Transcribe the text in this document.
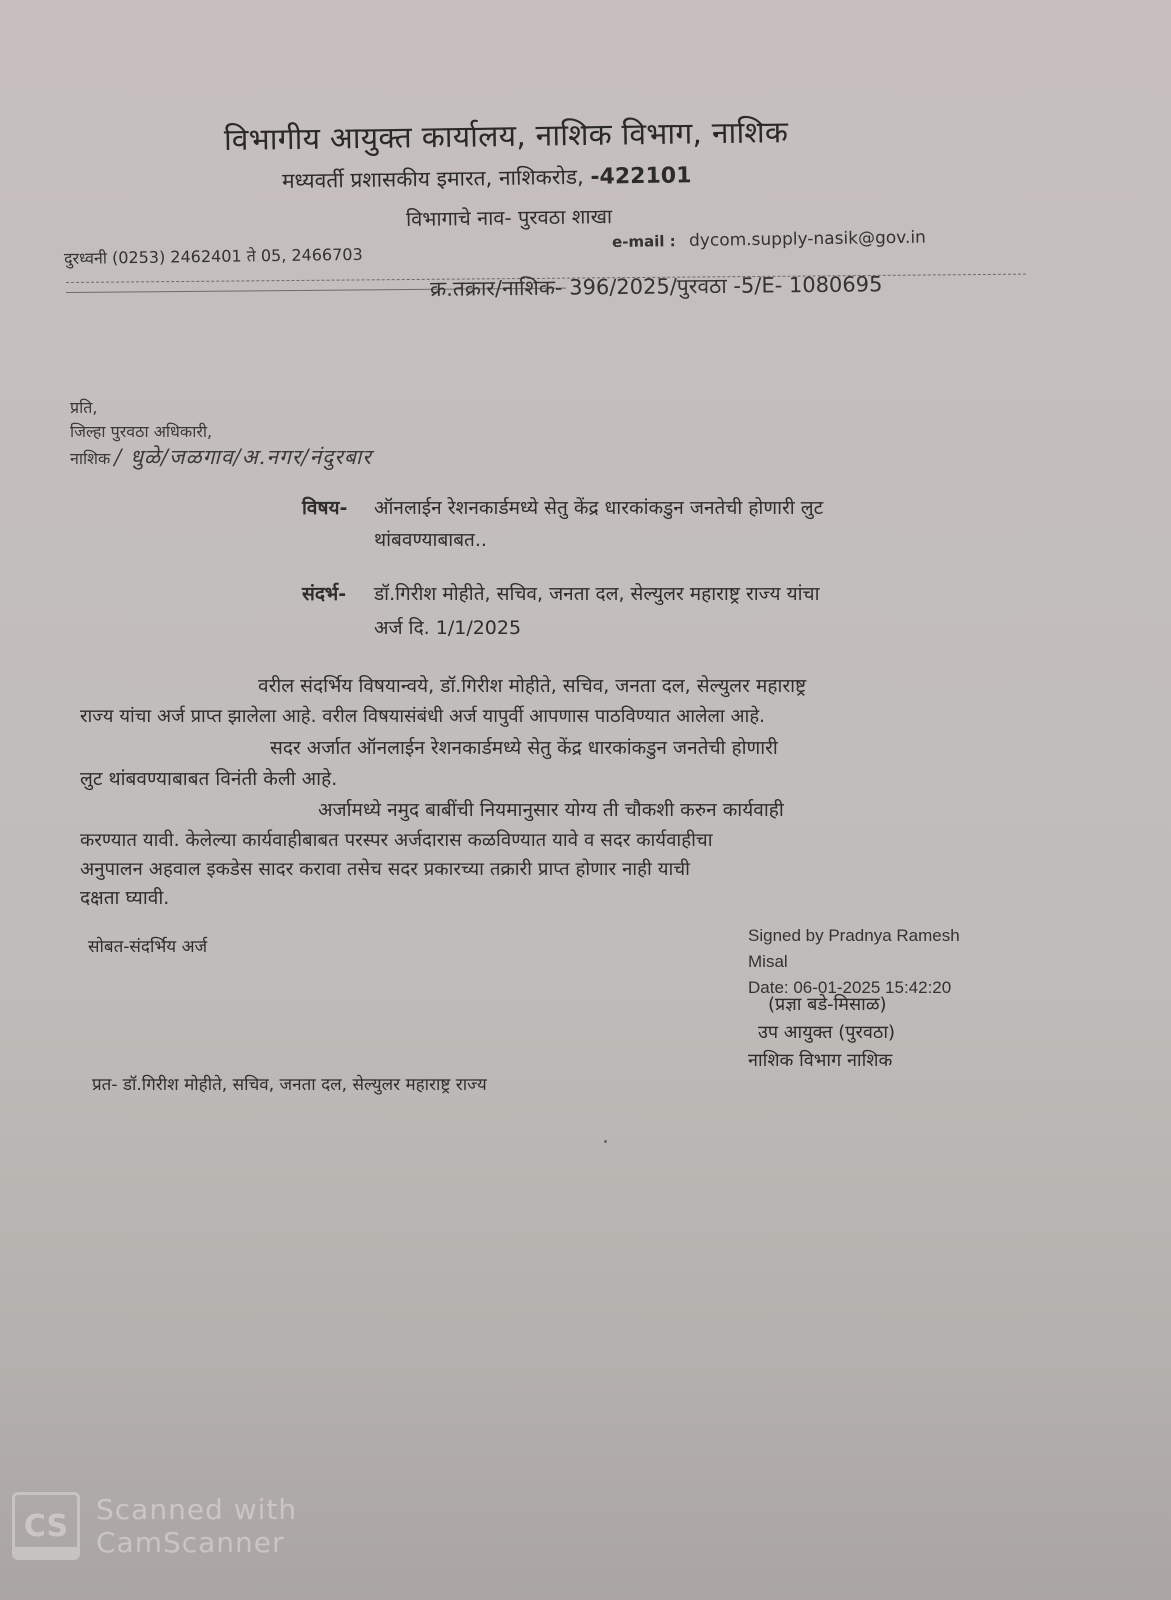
विभागीय आयुक्त कार्यालय, नाशिक विभाग, नाशिक
मध्यवर्ती प्रशासकीय इमारत, नाशिकरोड, -422101
विभागाचे नाव- पुरवठा शाखा
दुरध्वनी (0253) 2462401 ते 05, 2466703
e-mail : dycom.supply-nasik@gov.in
क्र.तक्रार/नाशिक- 396/2025/पुरवठा -5/E- 1080695
प्रति,
जिल्हा पुरवठा अधिकारी,
नाशिक / धुळे/जळगाव/अ.नगर/नंदुरबार
विषय- ऑनलाईन रेशनकार्डमध्ये सेतु केंद्र धारकांकडुन जनतेची होणारी लुट
थांबवण्याबाबत..
संदर्भ- डॉ.गिरीश मोहीते, सचिव, जनता दल, सेल्युलर महाराष्ट्र राज्य यांचा
अर्ज दि. 1/1/2025
वरील संदर्भिय विषयान्वये, डॉ.गिरीश मोहीते, सचिव, जनता दल, सेल्युलर महाराष्ट्र
राज्य यांचा अर्ज प्राप्त झालेला आहे. वरील विषयासंबंधी अर्ज यापुर्वी आपणास पाठविण्यात आलेला आहे.
सदर अर्जात ऑनलाईन रेशनकार्डमध्ये सेतु केंद्र धारकांकडुन जनतेची होणारी
लुट थांबवण्याबाबत विनंती केली आहे.
अर्जामध्ये नमुद बाबींची नियमानुसार योग्य ती चौकशी करुन कार्यवाही
करण्यात यावी. केलेल्या कार्यवाहीबाबत परस्पर अर्जदारास कळविण्यात यावे व सदर कार्यवाहीचा
अनुपालन अहवाल इकडेस सादर करावा तसेच सदर प्रकारच्या तक्रारी प्राप्त होणार नाही याची
दक्षता घ्यावी.
सोबत-संदर्भिय अर्ज
Signed by Pradnya Ramesh
Misal
Date: 06-01-2025 15:42:20
(प्रज्ञा बडे-मिसाळ)
उप आयुक्त (पुरवठा)
नाशिक विभाग नाशिक
प्रत- डॉ.गिरीश मोहीते, सचिव, जनता दल, सेल्युलर महाराष्ट्र राज्य
CS Scanned with
CamScanner
